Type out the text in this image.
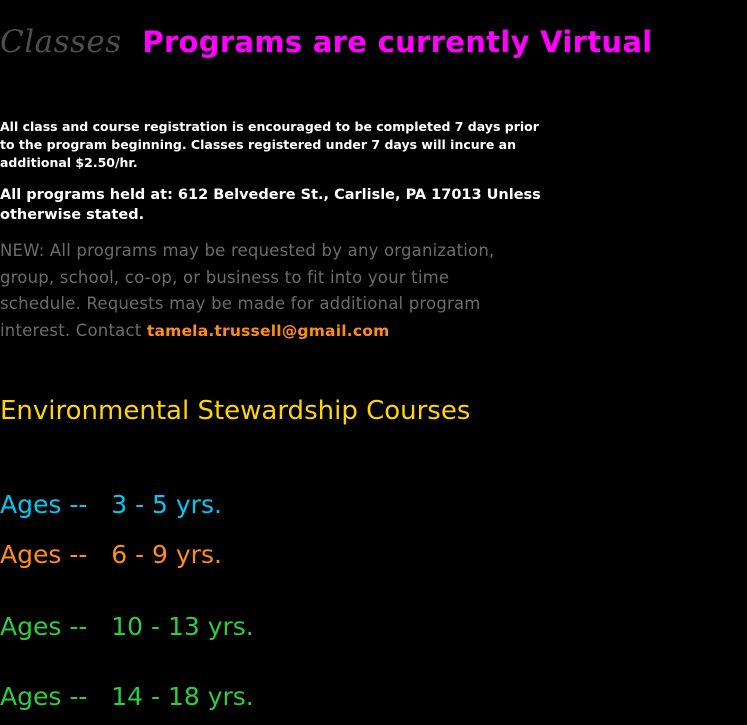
Classes  Programs are currently Virtual
All class and course registration is encouraged to be completed 7 days prior to the program beginning. Classes registered under 7 days will incure an additional $2.50/hr.
All programs held at: 612 Belvedere St., Carlisle, PA 17013 Unless otherwise stated.
NEW: All programs may be requested by any organization, group, school, co-op, or business to fit into your time schedule. Requests may be made for additional program interest. Contact tamela.trussell@gmail.com
Environmental Stewardship Courses
Ages --   3 - 5 yrs.
Ages --   6 - 9 yrs.
Ages --   10 - 13 yrs.
Ages --   14 - 18 yrs.
